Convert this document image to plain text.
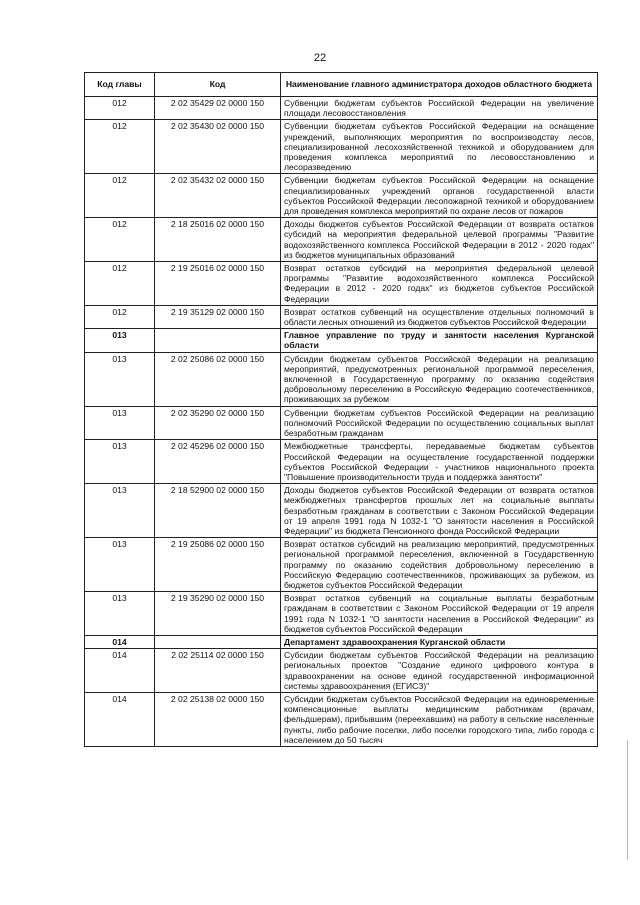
22
Код главы	Код	Наименование главного администратора доходов областного бюджета
012	2 02 35429 02 0000 150	Субвенции бюджетам субъектов Российской Федерации на увеличение площади лесовосстановления
012	2 02 35430 02 0000 150	Субвенции бюджетам субъектов Российской Федерации на оснащение учреждений, выполняющих мероприятия по воспроизводству лесов, специализированной лесохозяйственной техникой и оборудованием для проведения комплекса мероприятий по лесовосстановлению и лесоразведению
012	2 02 35432 02 0000 150	Субвенции бюджетам субъектов Российской Федерации на оснащение специализированных учреждений органов государственной власти субъектов Российской Федерации лесопожарной техникой и оборудованием для проведения комплекса мероприятий по охране лесов от пожаров
012	2 18 25016 02 0000 150	Доходы бюджетов субъектов Российской Федерации от возврата остатков субсидий на мероприятия федеральной целевой программы "Развитие водохозяйственного комплекса Российской Федерации в 2012 - 2020 годах" из бюджетов муниципальных образований
012	2 19 25016 02 0000 150	Возврат остатков субсидий на мероприятия федеральной целевой программы "Развитие водохозяйственного комплекса Российской Федерации в 2012 - 2020 годах" из бюджетов субъектов Российской Федерации
012	2 19 35129 02 0000 150	Возврат остатков субвенций на осуществление отдельных полномочий в области лесных отношений из бюджетов субъектов Российской Федерации
013		Главное управление по труду и занятости населения Курганской области
013	2 02 25086 02 0000 150	Субсидии бюджетам субъектов Российской Федерации на реализацию мероприятий, предусмотренных региональной программой переселения, включенной в Государственную программу по оказанию содействия добровольному переселению в Российскую Федерацию соотечественников, проживающих за рубежом
013	2 02 35290 02 0000 150	Субвенции бюджетам субъектов Российской Федерации на реализацию полномочий Российской Федерации по осуществлению социальных выплат безработным гражданам
013	2 02 45296 02 0000 150	Межбюджетные трансферты, передаваемые бюджетам субъектов Российской Федерации на осуществление государственной поддержки субъектов Российской Федерации - участников национального проекта "Повышение производительности труда и поддержка занятости"
013	2 18 52900 02 0000 150	Доходы бюджетов субъектов Российской Федерации от возврата остатков межбюджетных трансфертов прошлых лет на социальные выплаты безработным гражданам в соответствии с Законом Российской Федерации от 19 апреля 1991 года N 1032-1 "О занятости населения в Российской Федерации" из бюджета Пенсионного фонда Российской Федерации
013	2 19 25086 02 0000 150	Возврат остатков субсидий на реализацию мероприятий, предусмотренных региональной программой переселения, включенной в Государственную программу по оказанию содействия добровольному переселению в Российскую Федерацию соотечественников, проживающих за рубежом, из бюджетов субъектов Российской Федерации
013	2 19 35290 02 0000 150	Возврат остатков субвенций на социальные выплаты безработным гражданам в соответствии с Законом Российской Федерации от 19 апреля 1991 года N 1032-1 "О занятости населения в Российской Федерации" из бюджетов субъектов Российской Федерации
014		Департамент здравоохранения Курганской области
014	2 02 25114 02 0000 150	Субсидии бюджетам субъектов Российской Федерации на реализацию региональных проектов "Создание единого цифрового контура в здравоохранении на основе единой государственной информационной системы здравоохранения (ЕГИСЗ)"
014	2 02 25138 02 0000 150	Субсидии бюджетам субъектов Российской Федерации на единовременные компенсационные выплаты медицинским работникам (врачам, фельдшерам), прибывшим (переехавшим) на работу в сельские населенные пункты, либо рабочие поселки, либо поселки городского типа, либо города с населением до 50 тысяч
